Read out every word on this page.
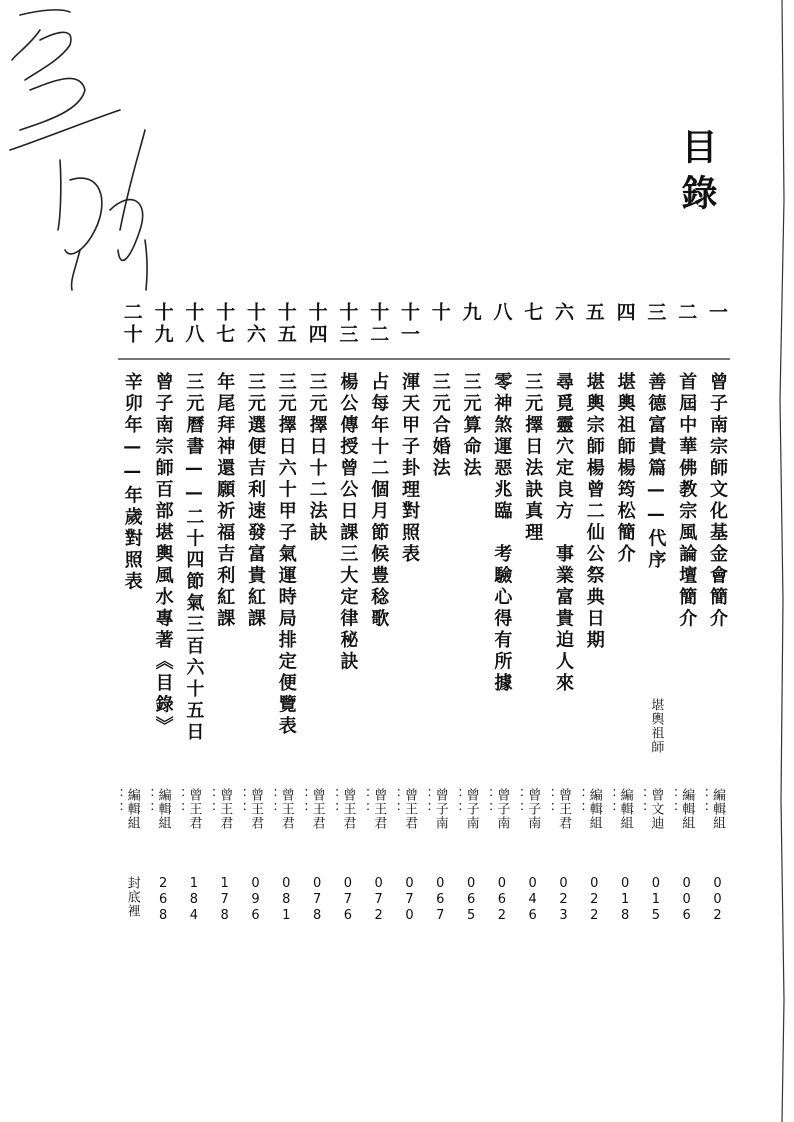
目錄
一
曾子南宗師文化基金會簡介
編輯組
：：
002
二
首屆中華佛教宗風論壇簡介
編輯組
：：
006
三
善德富貴篇——代序
堪輿祖師
曾文迪
：：
015
四
堪輿祖師楊筠松簡介
編輯組
：：
018
五
堪輿宗師楊曾二仙公祭典日期
編輯組
：：
022
六
尋覓靈穴定良方　事業富貴迫人來
曾王君
：：
023
七
三元擇日法訣真理
曾子南
：：
046
八
零神煞運惡兆臨　考驗心得有所據
曾子南
：：
062
九
三元算命法
曾子南
：：
065
十
三元合婚法
曾子南
：：
067
十一
渾天甲子卦理對照表
曾王君
：：
070
十二
占每年十二個月節候豊稔歌
曾王君
：：
072
十三
楊公傳授曾公日課三大定律秘訣
曾王君
：：
076
十四
三元擇日十二法訣
曾王君
：：
078
十五
三元擇日六十甲子氣運時局排定便覽表
曾王君
：：
081
十六
三元選便吉利速發富貴紅課
曾王君
：：
096
十七
年尾拜神還願祈福吉利紅課
曾王君
：：
178
十八
三元曆書——二十四節氣三百六十五日
曾王君
：：
184
十九
曾子南宗師百部堪輿風水專著《目錄》
編輯組
：：
268
二十
辛卯年——年歲對照表
編輯組
：：
封底裡
